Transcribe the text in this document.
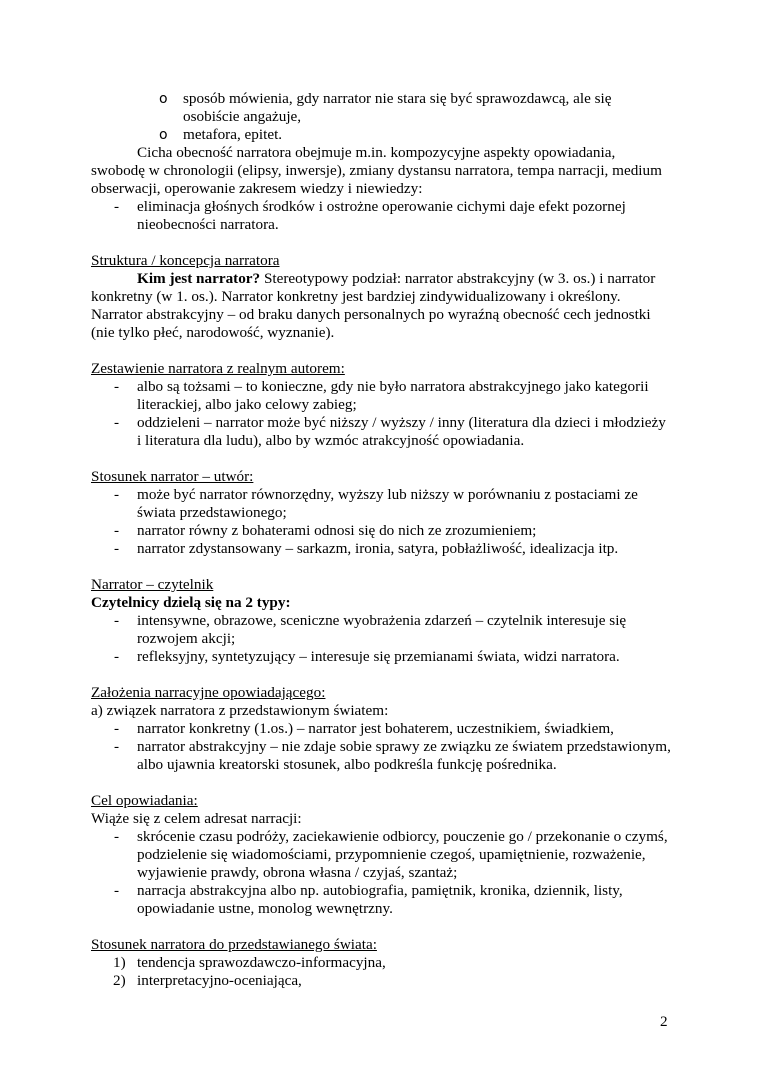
o sposób mówienia, gdy narrator nie stara się być sprawozdawcą, ale się osobiście angażuje,
o metafora, epitet.

Cicha obecność narratora obejmuje m.in. kompozycyjne aspekty opowiadania, swobodę w chronologii (elipsy, inwersje), zmiany dystansu narratora, tempa narracji, medium obserwacji, operowanie zakresem wiedzy i niewiedzy:

- eliminacja głośnych środków i ostrożne operowanie cichymi daje efekt pozornej nieobecności narratora.

Struktura / koncepcja narratora

Kim jest narrator? Stereotypowy podział: narrator abstrakcyjny (w 3. os.) i narrator konkretny (w 1. os.). Narrator konkretny jest bardziej zindywidualizowany i określony. Narrator abstrakcyjny – od braku danych personalnych po wyraźną obecność cech jednostki (nie tylko płeć, narodowość, wyznanie).

Zestawienie narratora z realnym autorem:

- albo są tożsami – to konieczne, gdy nie było narratora abstrakcyjnego jako kategorii literackiej, albo jako celowy zabieg;
- oddzieleni – narrator może być niższy / wyższy / inny (literatura dla dzieci i młodzieży i literatura dla ludu), albo by wzmóc atrakcyjność opowiadania.

Stosunek narrator – utwór:

- może być narrator równorzędny, wyższy lub niższy w porównaniu z postaciami ze świata przedstawionego;
- narrator równy z bohaterami odnosi się do nich ze zrozumieniem;
- narrator zdystansowany – sarkazm, ironia, satyra, pobłażliwość, idealizacja itp.

Narrator – czytelnik

Czytelnicy dzielą się na 2 typy:

- intensywne, obrazowe, sceniczne wyobrażenia zdarzeń – czytelnik interesuje się rozwojem akcji;
- refleksyjny, syntetyzujący – interesuje się przemianami świata, widzi narratora.

Założenia narracyjne opowiadającego:

a) związek narratora z przedstawionym światem:

- narrator konkretny (1.os.) – narrator jest bohaterem, uczestnikiem, świadkiem,
- narrator abstrakcyjny – nie zdaje sobie sprawy ze związku ze światem przedstawionym, albo ujawnia kreatorski stosunek, albo podkreśla funkcję pośrednika.

Cel opowiadania:

Wiąże się z celem adresat narracji:

- skrócenie czasu podróży, zaciekawienie odbiorcy, pouczenie go / przekonanie o czymś, podzielenie się wiadomościami, przypomnienie czegoś, upamiętnienie, rozważenie, wyjawienie prawdy, obrona własna / czyjaś, szantaż;
- narracja abstrakcyjna albo np. autobiografia, pamiętnik, kronika, dziennik, listy, opowiadanie ustne, monolog wewnętrzny.

Stosunek narratora do przedstawianego świata:

1) tendencja sprawozdawczo-informacyjna,
2) interpretacyjno-oceniająca,
2
